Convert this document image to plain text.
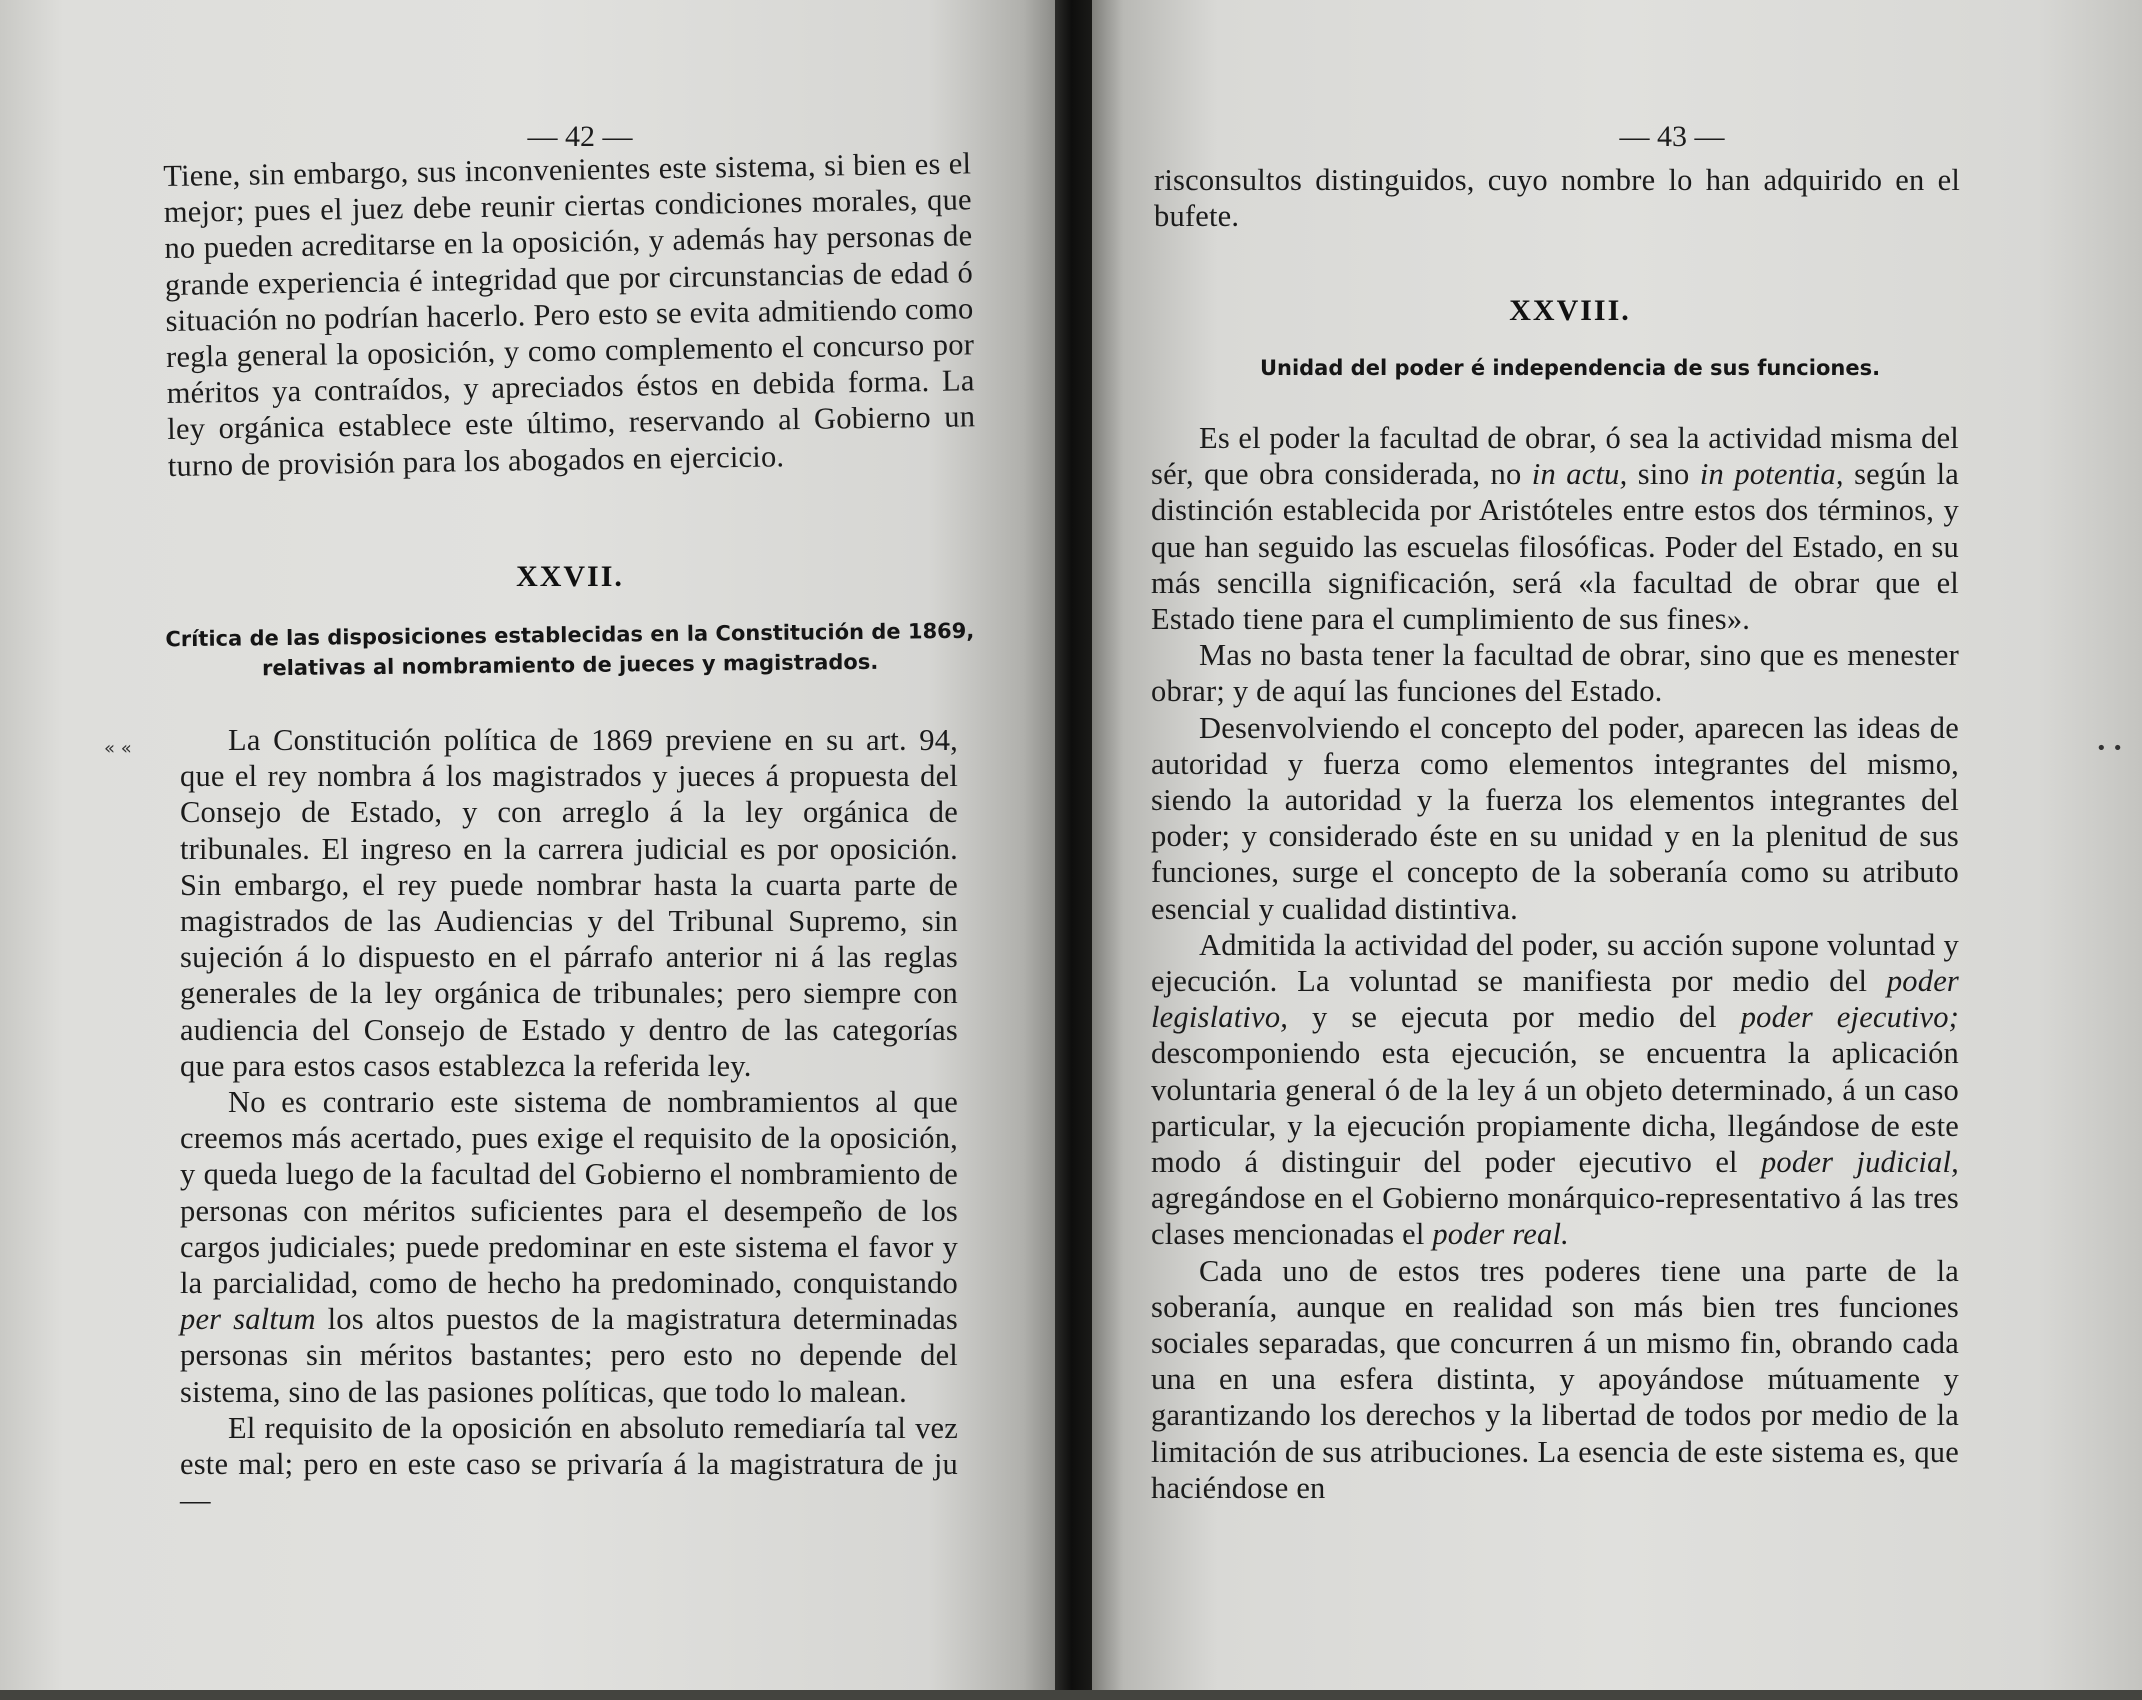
— 42 —

Tiene, sin embargo, sus inconvenientes este sistema, si bien es el mejor; pues el juez debe reunir ciertas condiciones morales, que no pueden acreditarse en la oposición, y además hay personas de grande experiencia é integridad que por circunstancias de edad ó situación no podrían hacerlo. Pero esto se evita admitiendo como regla general la oposición, y como complemento el concurso por méritos ya contraídos, y apreciados éstos en debida forma. La ley orgánica establece este último, reservando al Gobierno un turno de provisión para los abogados en ejercicio.

XXVII.
Crítica de las disposiciones establecidas en la Constitución de 1869,
relativas al nombramiento de jueces y magistrados.

La Constitución política de 1869 previene en su art. 94, que el rey nombra á los magistrados y jueces á propuesta del Consejo de Estado, y con arreglo á la ley orgánica de tribunales. El ingreso en la carrera judicial es por oposición. Sin embargo, el rey puede nombrar hasta la cuarta parte de magistrados de las Audiencias y del Tribunal Supremo, sin sujeción á lo dispuesto en el párrafo anterior ni á las reglas generales de la ley orgánica de tribunales; pero siempre con audiencia del Consejo de Estado y dentro de las categorías que para estos casos establezca la referida ley.

No es contrario este sistema de nombramientos al que creemos más acertado, pues exige el requisito de la oposición, y queda luego de la facultad del Gobierno el nombramiento de personas con méritos suficientes para el desempeño de los cargos judiciales; puede predominar en este sistema el favor y la parcialidad, como de hecho ha predominado, conquistando per saltum los altos puestos de la magistratura determinadas personas sin méritos bastantes; pero esto no depende del sistema, sino de las pasiones políticas, que todo lo malean.

El requisito de la oposición en absoluto remediaría tal vez este mal; pero en este caso se privaría á la magistratura de ju—

« «
— 43 —
• •

risconsultos distinguidos, cuyo nombre lo han adquirido en el bufete.

XXVIII.
Unidad del poder é independencia de sus funciones.

Es el poder la facultad de obrar, ó sea la actividad misma del sér, que obra considerada, no in actu, sino in potentia, según la distinción establecida por Aristóteles entre estos dos términos, y que han seguido las escuelas filosóficas. Poder del Estado, en su más sencilla significación, será «la facultad de obrar que el Estado tiene para el cumplimiento de sus fines».

Mas no basta tener la facultad de obrar, sino que es menester obrar; y de aquí las funciones del Estado.

Desenvolviendo el concepto del poder, aparecen las ideas de autoridad y fuerza como elementos integrantes del mismo, siendo la autoridad y la fuerza los elementos integrantes del poder; y considerado éste en su unidad y en la plenitud de sus funciones, surge el concepto de la soberanía como su atributo esencial y cualidad distintiva.

Admitida la actividad del poder, su acción supone voluntad y ejecución. La voluntad se manifiesta por medio del poder legislativo, y se ejecuta por medio del poder ejecutivo; descomponiendo esta ejecución, se encuentra la aplicación voluntaria general ó de la ley á un objeto determinado, á un caso particular, y la ejecución propiamente dicha, llegándose de este modo á distinguir del poder ejecutivo el poder judicial, agregándose en el Gobierno monárquico-representativo á las tres clases mencionadas el poder real.

Cada uno de estos tres poderes tiene una parte de la soberanía, aunque en realidad son más bien tres funciones sociales separadas, que concurren á un mismo fin, obrando cada una en una esfera distinta, y apoyándose mútuamente y garantizando los derechos y la libertad de todos por medio de la limitación de sus atribuciones. La esencia de este sistema es, que haciéndose en
